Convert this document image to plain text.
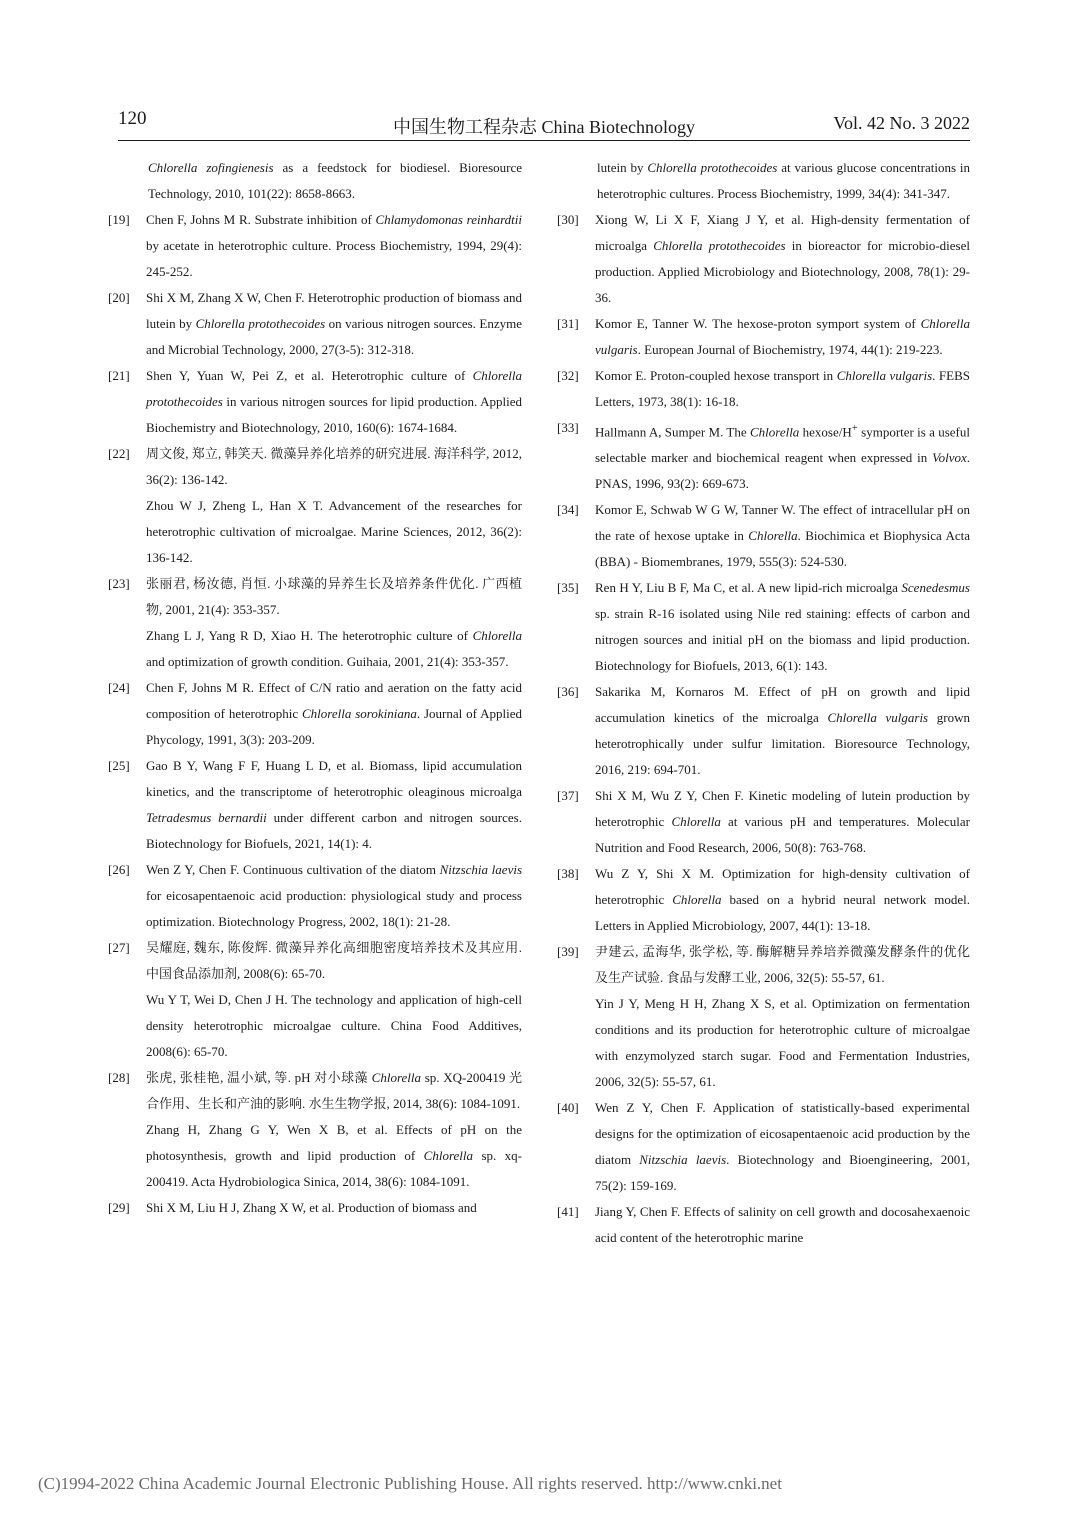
120	中国生物工程杂志 China Biotechnology	Vol. 42 No. 3 2022
Chlorella zofingienesis as a feedstock for biodiesel. Bioresource Technology, 2010, 101(22): 8658-8663.
[19] Chen F, Johns M R. Substrate inhibition of Chlamydomonas reinhardtii by acetate in heterotrophic culture. Process Biochemistry, 1994, 29(4): 245-252.
[20] Shi X M, Zhang X W, Chen F. Heterotrophic production of biomass and lutein by Chlorella protothecoides on various nitrogen sources. Enzyme and Microbial Technology, 2000, 27(3-5): 312-318.
[21] Shen Y, Yuan W, Pei Z, et al. Heterotrophic culture of Chlorella protothecoides in various nitrogen sources for lipid production. Applied Biochemistry and Biotechnology, 2010, 160(6): 1674-1684.
[22] 周文俊, 郑立, 韩笑天. 微藻异养化培养的研究进展. 海洋科学, 2012, 36(2): 136-142.
Zhou W J, Zheng L, Han X T. Advancement of the researches for heterotrophic cultivation of microalgae. Marine Sciences, 2012, 36(2): 136-142.
[23] 张丽君, 杨汝德, 肖恒. 小球藻的异养生长及培养条件优化. 广西植物, 2001, 21(4): 353-357.
Zhang L J, Yang R D, Xiao H. The heterotrophic culture of Chlorella and optimization of growth condition. Guihaia, 2001, 21(4): 353-357.
[24] Chen F, Johns M R. Effect of C/N ratio and aeration on the fatty acid composition of heterotrophic Chlorella sorokiniana. Journal of Applied Phycology, 1991, 3(3): 203-209.
[25] Gao B Y, Wang F F, Huang L D, et al. Biomass, lipid accumulation kinetics, and the transcriptome of heterotrophic oleaginous microalga Tetradesmus bernardii under different carbon and nitrogen sources. Biotechnology for Biofuels, 2021, 14(1): 4.
[26] Wen Z Y, Chen F. Continuous cultivation of the diatom Nitzschia laevis for eicosapentaenoic acid production: physiological study and process optimization. Biotechnology Progress, 2002, 18(1): 21-28.
[27] 吴耀庭, 魏东, 陈俊辉. 微藻异养化高细胞密度培养技术及其应用. 中国食品添加剂, 2008(6): 65-70.
Wu Y T, Wei D, Chen J H. The technology and application of high-cell density heterotrophic microalgae culture. China Food Additives, 2008(6): 65-70.
[28] 张虎, 张桂艳, 温小斌, 等. pH 对小球藻 Chlorella sp. XQ-200419 光合作用、生长和产油的影响. 水生生物学报, 2014, 38(6): 1084-1091.
Zhang H, Zhang G Y, Wen X B, et al. Effects of pH on the photosynthesis, growth and lipid production of Chlorella sp. xq-200419. Acta Hydrobiologica Sinica, 2014, 38(6): 1084-1091.
[29] Shi X M, Liu H J, Zhang X W, et al. Production of biomass and
lutein by Chlorella protothecoides at various glucose concentrations in heterotrophic cultures. Process Biochemistry, 1999, 34(4): 341-347.
[30] Xiong W, Li X F, Xiang J Y, et al. High-density fermentation of microalga Chlorella protothecoides in bioreactor for microbio-diesel production. Applied Microbiology and Biotechnology, 2008, 78(1): 29-36.
[31] Komor E, Tanner W. The hexose-proton symport system of Chlorella vulgaris. European Journal of Biochemistry, 1974, 44(1): 219-223.
[32] Komor E. Proton-coupled hexose transport in Chlorella vulgaris. FEBS Letters, 1973, 38(1): 16-18.
[33] Hallmann A, Sumper M. The Chlorella hexose/H+ symporter is a useful selectable marker and biochemical reagent when expressed in Volvox. PNAS, 1996, 93(2): 669-673.
[34] Komor E, Schwab W G W, Tanner W. The effect of intracellular pH on the rate of hexose uptake in Chlorella. Biochimica et Biophysica Acta (BBA) - Biomembranes, 1979, 555(3): 524-530.
[35] Ren H Y, Liu B F, Ma C, et al. A new lipid-rich microalga Scenedesmus sp. strain R-16 isolated using Nile red staining: effects of carbon and nitrogen sources and initial pH on the biomass and lipid production. Biotechnology for Biofuels, 2013, 6(1): 143.
[36] Sakarika M, Kornaros M. Effect of pH on growth and lipid accumulation kinetics of the microalga Chlorella vulgaris grown heterotrophically under sulfur limitation. Bioresource Technology, 2016, 219: 694-701.
[37] Shi X M, Wu Z Y, Chen F. Kinetic modeling of lutein production by heterotrophic Chlorella at various pH and temperatures. Molecular Nutrition and Food Research, 2006, 50(8): 763-768.
[38] Wu Z Y, Shi X M. Optimization for high-density cultivation of heterotrophic Chlorella based on a hybrid neural network model. Letters in Applied Microbiology, 2007, 44(1): 13-18.
[39] 尹建云, 孟海华, 张学松, 等. 酶解糖异养培养微藻发酵条件的优化及生产试验. 食品与发酵工业, 2006, 32(5): 55-57, 61.
Yin J Y, Meng H H, Zhang X S, et al. Optimization on fermentation conditions and its production for heterotrophic culture of microalgae with enzymolyzed starch sugar. Food and Fermentation Industries, 2006, 32(5): 55-57, 61.
[40] Wen Z Y, Chen F. Application of statistically-based experimental designs for the optimization of eicosapentaenoic acid production by the diatom Nitzschia laevis. Biotechnology and Bioengineering, 2001, 75(2): 159-169.
[41] Jiang Y, Chen F. Effects of salinity on cell growth and docosahexaenoic acid content of the heterotrophic marine
(C)1994-2022 China Academic Journal Electronic Publishing House. All rights reserved. http://www.cnki.net
